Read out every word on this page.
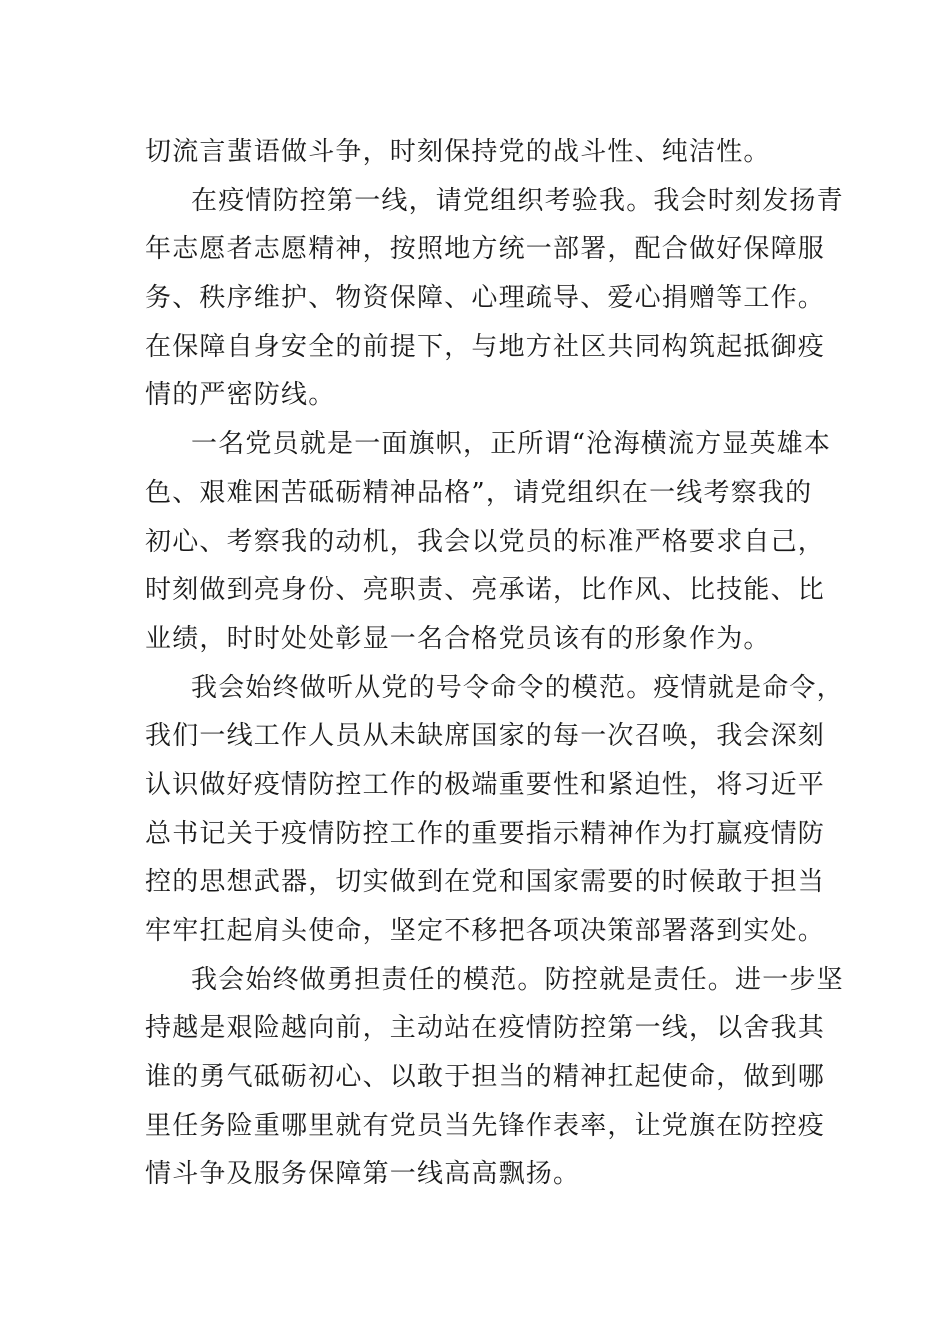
切流言蜚语做斗争，时刻保持党的战斗性、纯洁性。
在疫情防控第一线，请党组织考验我。我会时刻发扬青
年志愿者志愿精神，按照地方统一部署，配合做好保障服
务、秩序维护、物资保障、心理疏导、爱心捐赠等工作。
在保障自身安全的前提下，与地方社区共同构筑起抵御疫
情的严密防线。
一名党员就是一面旗帜，正所谓“沧海横流方显英雄本
色、艰难困苦砥砺精神品格”，请党组织在一线考察我的
初心、考察我的动机，我会以党员的标准严格要求自己，
时刻做到亮身份、亮职责、亮承诺，比作风、比技能、比
业绩，时时处处彰显一名合格党员该有的形象作为。
我会始终做听从党的号令命令的模范。疫情就是命令，
我们一线工作人员从未缺席国家的每一次召唤，我会深刻
认识做好疫情防控工作的极端重要性和紧迫性，将习近平
总书记关于疫情防控工作的重要指示精神作为打赢疫情防
控的思想武器，切实做到在党和国家需要的时候敢于担当
牢牢扛起肩头使命，坚定不移把各项决策部署落到实处。
我会始终做勇担责任的模范。防控就是责任。进一步坚
持越是艰险越向前，主动站在疫情防控第一线，以舍我其
谁的勇气砥砺初心、以敢于担当的精神扛起使命，做到哪
里任务险重哪里就有党员当先锋作表率，让党旗在防控疫
情斗争及服务保障第一线高高飘扬。
